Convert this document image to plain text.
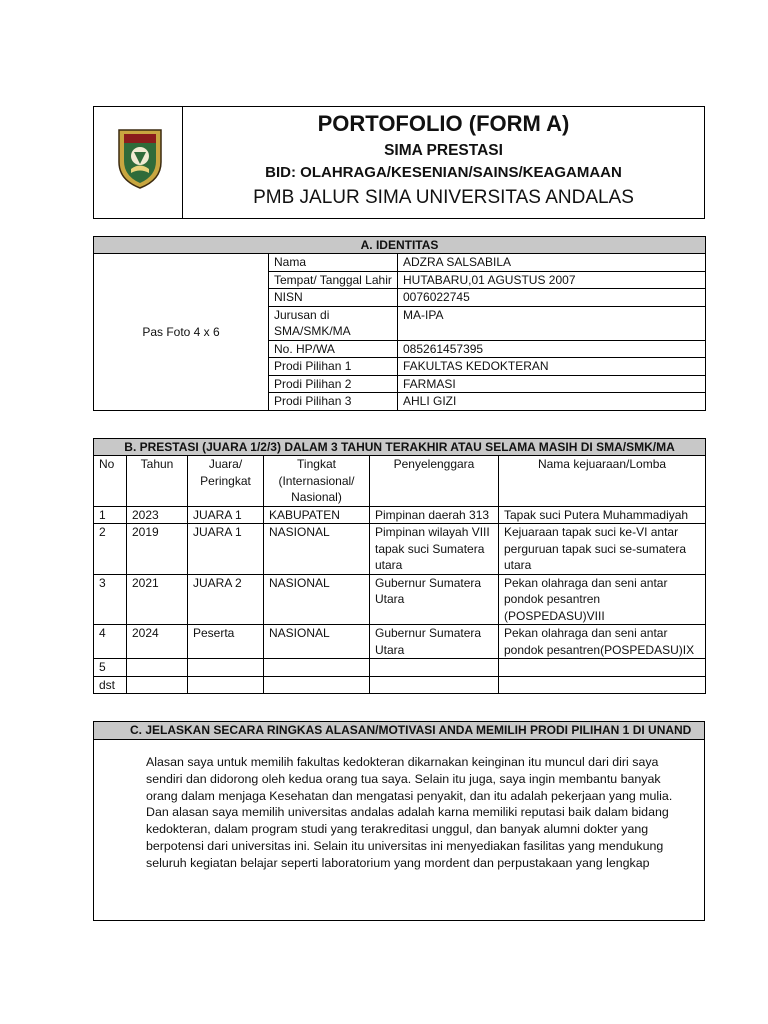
PORTOFOLIO (FORM A)
SIMA PRESTASI
BID: OLAHRAGA/KESENIAN/SAINS/KEAGAMAAN
PMB JALUR SIMA UNIVERSITAS ANDALAS
A. IDENTITAS		
Pas Foto 4 x 6	Nama	ADZRA SALSABILA
	Tempat/ Tanggal Lahir	HUTABARU,01 AGUSTUS 2007
	NISN	0076022745
	Jurusan di SMA/SMK/MA	MA-IPA
	No. HP/WA	085261457395
	Prodi Pilihan 1	FAKULTAS KEDOKTERAN
	Prodi Pilihan 2	FARMASI
	Prodi Pilihan 3	AHLI GIZI
B. PRESTASI (JUARA 1/2/3) DALAM 3 TAHUN TERAKHIR ATAU SELAMA MASIH DI SMA/SMK/MA					
No	Tahun	Juara/ Peringkat	Tingkat (Internasional/ Nasional)	Penyelenggara	Nama kejuaraan/Lomba
1	2023	JUARA 1	KABUPATEN	Pimpinan daerah 313	Tapak suci Putera Muhammadiyah
2	2019	JUARA 1	NASIONAL	Pimpinan wilayah VIII tapak suci Sumatera utara	Kejuaraan tapak suci ke-VI antar perguruan tapak suci se-sumatera utara
3	2021	JUARA 2	NASIONAL	Gubernur Sumatera Utara	Pekan olahraga dan seni antar pondok pesantren (POSPEDASU)VIII
4	2024	Peserta	NASIONAL	Gubernur Sumatera Utara	Pekan olahraga dan seni antar pondok pesantren(POSPEDASU)IX
5					
dst					
C. JELASKAN SECARA RINGKAS ALASAN/MOTIVASI ANDA MEMILIH PRODI PILIHAN 1 DI UNAND
Alasan saya untuk memilih fakultas kedokteran dikarnakan keinginan itu muncul dari diri saya sendiri dan didorong oleh kedua orang tua saya. Selain itu juga, saya ingin membantu banyak orang dalam menjaga Kesehatan dan mengatasi penyakit, dan itu adalah pekerjaan yang mulia. Dan alasan saya memilih universitas andalas adalah karna memiliki reputasi baik dalam bidang kedokteran, dalam program studi yang terakreditasi unggul, dan banyak alumni dokter yang berpotensi dari universitas ini. Selain itu universitas ini menyediakan fasilitas yang mendukung seluruh kegiatan belajar seperti laboratorium yang mordent dan perpustakaan yang lengkap
